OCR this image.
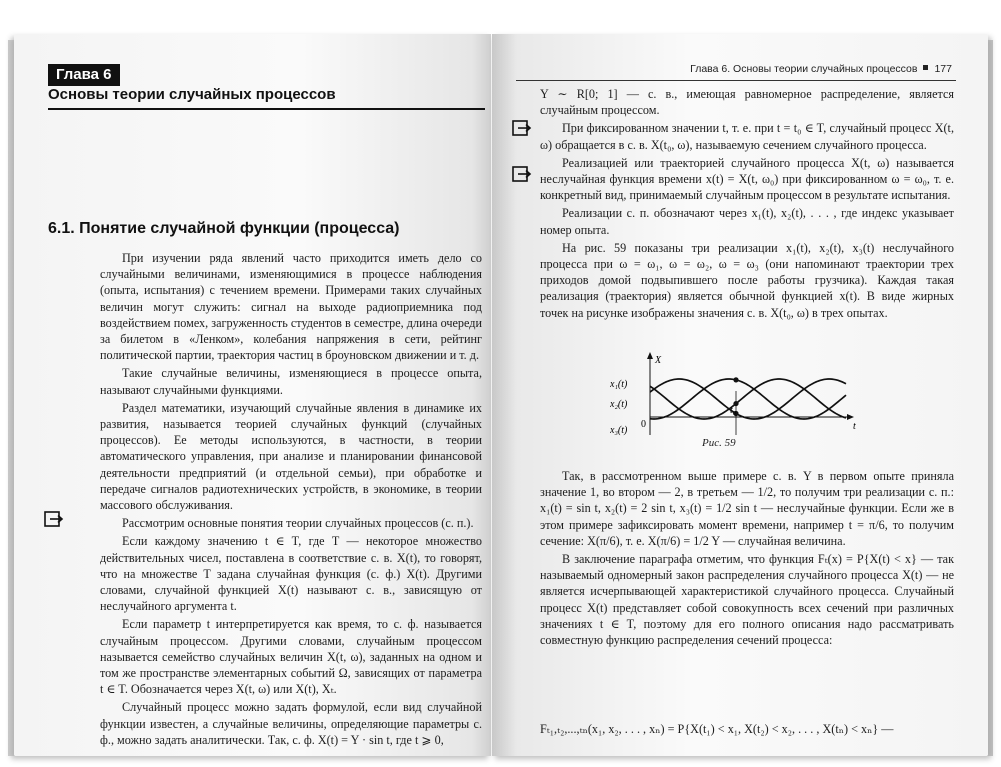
Глава 6
Основы теории случайных процессов
6.1. Понятие случайной функции (процесса)

При изучении ряда явлений часто приходится иметь дело со случайными величинами, изменяющимися в процессе наблюдения (опыта, испытания) с течением времени. Примерами таких случайных величин могут служить: сигнал на выходе радиоприемника под воздействием помех, загруженность студентов в семестре, длина очереди за билетом в «Ленком», колебания напряжения в сети, рейтинг политической партии, траектория частиц в броуновском движении и т. д.

Такие случайные величины, изменяющиеся в процессе опыта, называют случайными функциями.

Раздел математики, изучающий случайные явления в динамике их развития, называется теорией случайных функций (случайных процессов). Ее методы используются, в частности, в теории автоматического управления, при анализе и планировании финансовой деятельности предприятий (и отдельной семьи), при обработке и передаче сигналов радиотехнических устройств, в экономике, в теории массового обслуживания.

Рассмотрим основные понятия теории случайных процессов (с. п.).

Если каждому значению t ∈ T, где T — некоторое множество действительных чисел, поставлена в соответствие с. в. X(t), то говорят, что на множестве T задана случайная функция (с. ф.) X(t). Другими словами, случайной функцией X(t) называют с. в., зависящую от неслучайного аргумента t.

Если параметр t интерпретируется как время, то с. ф. называется случайным процессом. Другими словами, случайным процессом называется семейство случайных величин X(t, ω), заданных на одном и том же пространстве элементарных событий Ω, зависящих от параметра t ∈ T. Обозначается через X(t, ω) или X(t), Xₜ.

Случайный процесс можно задать формулой, если вид случайной функции известен, а случайные величины, определяющие параметры с. ф., можно задать аналитически. Так, с. ф. X(t) = Y · sin t, где t ⩾ 0,

Глава 6. Основы теории случайных процессов 177

Y ∼ R[0; 1] — с. в., имеющая равномерное распределение, является случайным процессом.

При фиксированном значении t, т. е. при t = t₀ ∈ T, случайный процесс X(t, ω) обращается в с. в. X(t₀, ω), называемую сечением случайного процесса.

Реализацией или траекторией случайного процесса X(t, ω) называется неслучайная функция времени x(t) = X(t, ω₀) при фиксированном ω = ω₀, т. е. конкретный вид, принимаемый случайным процессом в результате испытания.

Реализации с. п. обозначают через x₁(t), x₂(t), . . . , где индекс указывает номер опыта.

На рис. 59 показаны три реализации x₁(t), x₂(t), x₃(t) неслучайного процесса при ω = ω₁, ω = ω₂, ω = ω₃ (они напоминают траектории трех приходов домой подвыпившего после работы грузчика). Каждая такая реализация (траектория) является обычной функцией x(t). В виде жирных точек на рисунке изображены значения с. в. X(t₀, ω) в трех опытах.

x₁(t)
x₂(t)
x₃(t)
X
t
0
t₀
Рис. 59

Так, в рассмотренном выше примере с. в. Y в первом опыте приняла значение 1, во втором — 2, в третьем — 1/2, то получим три реализации с. п.: x₁(t) = sin t, x₂(t) = 2 sin t, x₃(t) = 1/2 sin t — неслучайные функции. Если же в этом примере зафиксировать момент времени, например t = π/6, то получим сечение: X(π/6), т. е. X(π/6) = 1/2 Y — случайная величина.

В заключение параграфа отметим, что функция Fₜ(x) = P{X(t) < x} — так называемый одномерный закон распределения случайного процесса X(t) — не является исчерпывающей характеристикой случайного процесса. Случайный процесс X(t) представляет собой совокупность всех сечений при различных значениях t ∈ T, поэтому для его полного описания надо рассматривать совместную функцию распределения сечений процесса:

Fₜ₁,ₜ₂,...,ₜₙ(x₁, x₂, . . . , xₙ) = P{X(t₁) < x₁, X(t₂) < x₂, . . . , X(tₙ) < xₙ} —
